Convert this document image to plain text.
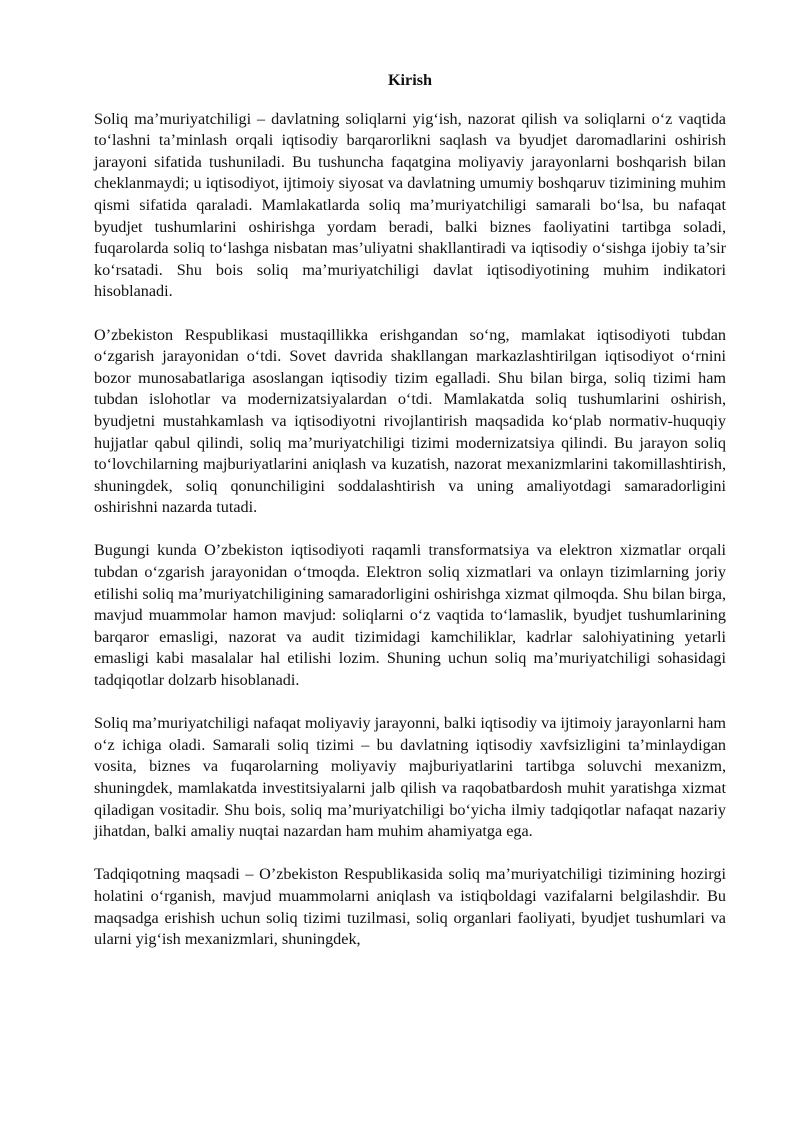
Kirish

Soliq ma’muriyatchiligi – davlatning soliqlarni yig‘ish, nazorat qilish va soliqlarni o‘z vaqtida to‘lashni ta’minlash orqali iqtisodiy barqarorlikni saqlash va byudjet daromadlarini oshirish jarayoni sifatida tushuniladi. Bu tushuncha faqatgina moliyaviy jarayonlarni boshqarish bilan cheklanmaydi; u iqtisodiyot, ijtimoiy siyosat va davlatning umumiy boshqaruv tizimining muhim qismi sifatida qaraladi. Mamlakatlarda soliq ma’muriyatchiligi samarali bo‘lsa, bu nafaqat byudjet tushumlarini oshirishga yordam beradi, balki biznes faoliyatini tartibga soladi, fuqarolarda soliq to‘lashga nisbatan mas’uliyatni shakllantiradi va iqtisodiy o‘sishga ijobiy ta’sir ko‘rsatadi. Shu bois soliq ma’muriyatchiligi davlat iqtisodiyotining muhim indikatori hisoblanadi.

O’zbekiston Respublikasi mustaqillikka erishgandan so‘ng, mamlakat iqtisodiyoti tubdan o‘zgarish jarayonidan o‘tdi. Sovet davrida shakllangan markazlashtirilgan iqtisodiyot o‘rnini bozor munosabatlariga asoslangan iqtisodiy tizim egalladi. Shu bilan birga, soliq tizimi ham tubdan islohotlar va modernizatsiyalardan o‘tdi. Mamlakatda soliq tushumlarini oshirish, byudjetni mustahkamlash va iqtisodiyotni rivojlantirish maqsadida ko‘plab normativ-huquqiy hujjatlar qabul qilindi, soliq ma’muriyatchiligi tizimi modernizatsiya qilindi. Bu jarayon soliq to‘lovchilarning majburiyatlarini aniqlash va kuzatish, nazorat mexanizmlarini takomillashtirish, shuningdek, soliq qonunchiligini soddalashtirish va uning amaliyotdagi samaradorligini oshirishni nazarda tutadi.

Bugungi kunda O’zbekiston iqtisodiyoti raqamli transformatsiya va elektron xizmatlar orqali tubdan o‘zgarish jarayonidan o‘tmoqda. Elektron soliq xizmatlari va onlayn tizimlarning joriy etilishi soliq ma’muriyatchiligining samaradorligini oshirishga xizmat qilmoqda. Shu bilan birga, mavjud muammolar hamon mavjud: soliqlarni o‘z vaqtida to‘lamaslik, byudjet tushumlarining barqaror emasligi, nazorat va audit tizimidagi kamchiliklar, kadrlar salohiyatining yetarli emasligi kabi masalalar hal etilishi lozim. Shuning uchun soliq ma’muriyatchiligi sohasidagi tadqiqotlar dolzarb hisoblanadi.

Soliq ma’muriyatchiligi nafaqat moliyaviy jarayonni, balki iqtisodiy va ijtimoiy jarayonlarni ham o‘z ichiga oladi. Samarali soliq tizimi – bu davlatning iqtisodiy xavfsizligini ta’minlaydigan vosita, biznes va fuqarolarning moliyaviy majburiyatlarini tartibga soluvchi mexanizm, shuningdek, mamlakatda investitsiyalarni jalb qilish va raqobatbardosh muhit yaratishga xizmat qiladigan vositadir. Shu bois, soliq ma’muriyatchiligi bo‘yicha ilmiy tadqiqotlar nafaqat nazariy jihatdan, balki amaliy nuqtai nazardan ham muhim ahamiyatga ega.

Tadqiqotning maqsadi – O’zbekiston Respublikasida soliq ma’muriyatchiligi tizimining hozirgi holatini o‘rganish, mavjud muammolarni aniqlash va istiqboldagi vazifalarni belgilashdir. Bu maqsadga erishish uchun soliq tizimi tuzilmasi, soliq organlari faoliyati, byudjet tushumlari va ularni yig‘ish mexanizmlari, shuningdek,
